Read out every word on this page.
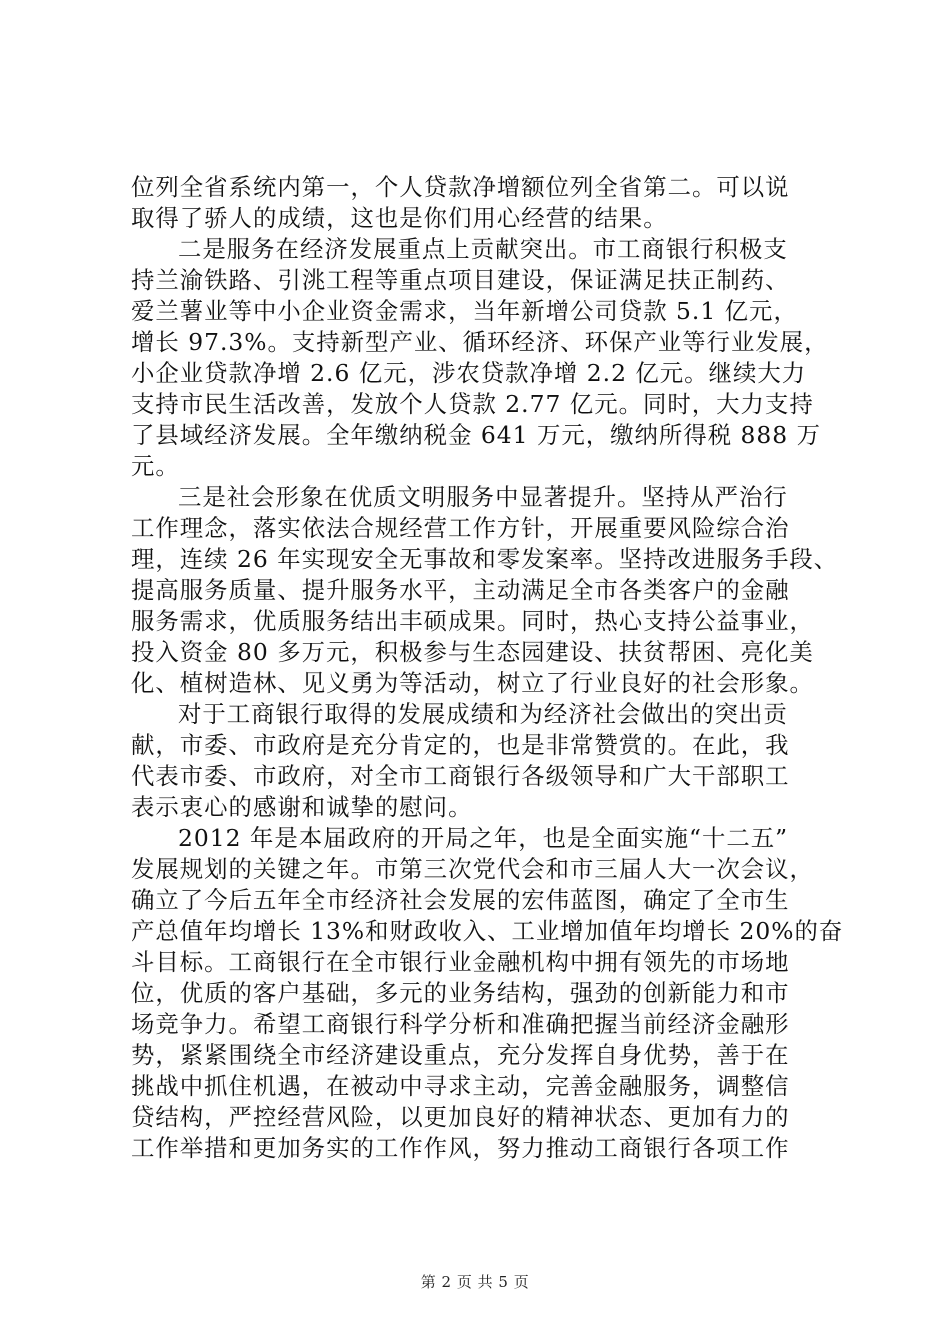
位列全省系统内第一，个人贷款净增额位列全省第二。可以说
取得了骄人的成绩，这也是你们用心经营的结果。
二是服务在经济发展重点上贡献突出。市工商银行积极支
持兰渝铁路、引洮工程等重点项目建设，保证满足扶正制药、
爱兰薯业等中小企业资金需求，当年新增公司贷款 5.1 亿元，
增长 97.3%。支持新型产业、循环经济、环保产业等行业发展，
小企业贷款净增 2.6 亿元，涉农贷款净增 2.2 亿元。继续大力
支持市民生活改善，发放个人贷款 2.77 亿元。同时，大力支持
了县域经济发展。全年缴纳税金 641 万元，缴纳所得税 888 万
元。
三是社会形象在优质文明服务中显著提升。坚持从严治行
工作理念，落实依法合规经营工作方针，开展重要风险综合治
理，连续 26 年实现安全无事故和零发案率。坚持改进服务手段、
提高服务质量、提升服务水平，主动满足全市各类客户的金融
服务需求，优质服务结出丰硕成果。同时，热心支持公益事业，
投入资金 80 多万元，积极参与生态园建设、扶贫帮困、亮化美
化、植树造林、见义勇为等活动，树立了行业良好的社会形象。
对于工商银行取得的发展成绩和为经济社会做出的突出贡
献，市委、市政府是充分肯定的，也是非常赞赏的。在此，我
代表市委、市政府，对全市工商银行各级领导和广大干部职工
表示衷心的感谢和诚挚的慰问。
2012 年是本届政府的开局之年，也是全面实施“十二五”
发展规划的关键之年。市第三次党代会和市三届人大一次会议，
确立了今后五年全市经济社会发展的宏伟蓝图，确定了全市生
产总值年均增长 13%和财政收入、工业增加值年均增长 20%的奋
斗目标。工商银行在全市银行业金融机构中拥有领先的市场地
位，优质的客户基础，多元的业务结构，强劲的创新能力和市
场竞争力。希望工商银行科学分析和准确把握当前经济金融形
势，紧紧围绕全市经济建设重点，充分发挥自身优势，善于在
挑战中抓住机遇，在被动中寻求主动，完善金融服务，调整信
贷结构，严控经营风险，以更加良好的精神状态、更加有力的
工作举措和更加务实的工作作风，努力推动工商银行各项工作
第 2 页 共 5 页
